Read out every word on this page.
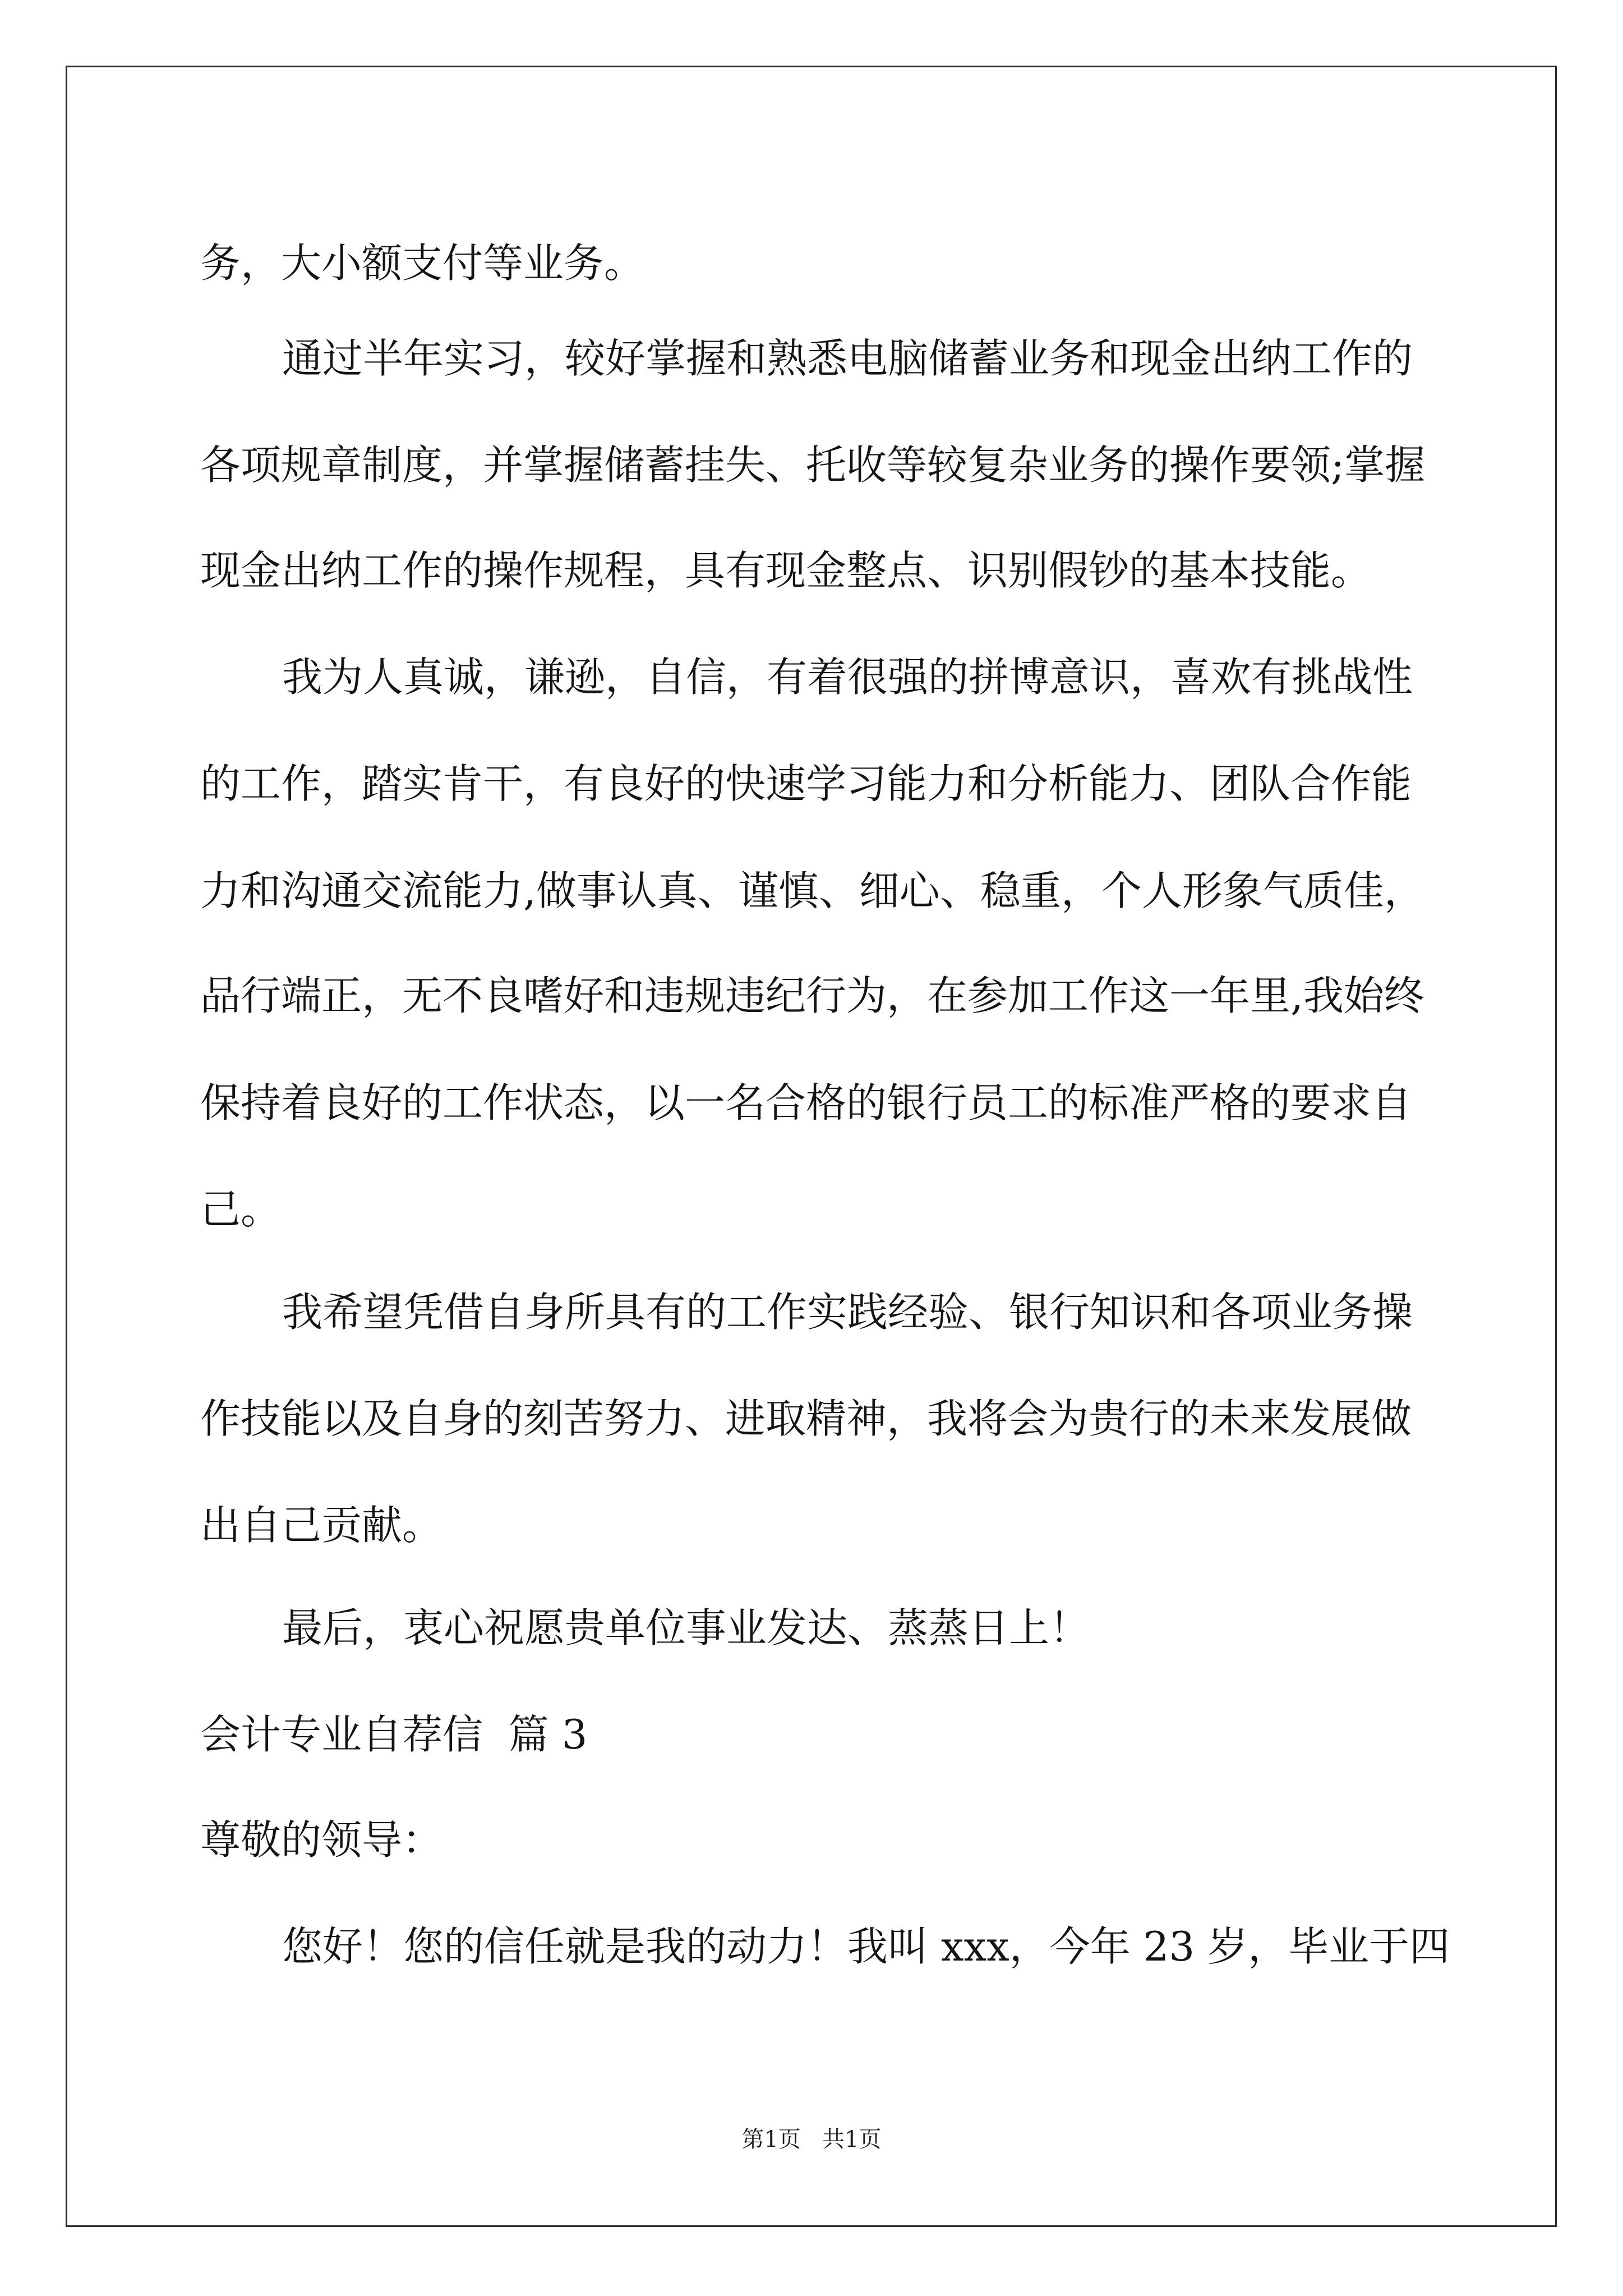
务，大小额支付等业务。
通过半年实习，较好掌握和熟悉电脑储蓄业务和现金出纳工作的
各项规章制度，并掌握储蓄挂失、托收等较复杂业务的操作要领;掌握
现金出纳工作的操作规程，具有现金整点、识别假钞的基本技能。
我为人真诚，谦逊，自信，有着很强的拼博意识，喜欢有挑战性
的工作，踏实肯干，有良好的快速学习能力和分析能力、团队合作能
力和沟通交流能力,做事认真、谨慎、细心、稳重，个人形象气质佳，
品行端正，无不良嗜好和违规违纪行为，在参加工作这一年里,我始终
保持着良好的工作状态，以一名合格的银行员工的标准严格的要求自
己。
我希望凭借自身所具有的工作实践经验、银行知识和各项业务操
作技能以及自身的刻苦努力、进取精神，我将会为贵行的未来发展做
出自己贡献。
最后，衷心祝愿贵单位事业发达、蒸蒸日上！
会计专业自荐信  篇 3
尊敬的领导：
您好！您的信任就是我的动力！我叫 xxx，今年 23 岁，毕业于四
第1页   共1页
